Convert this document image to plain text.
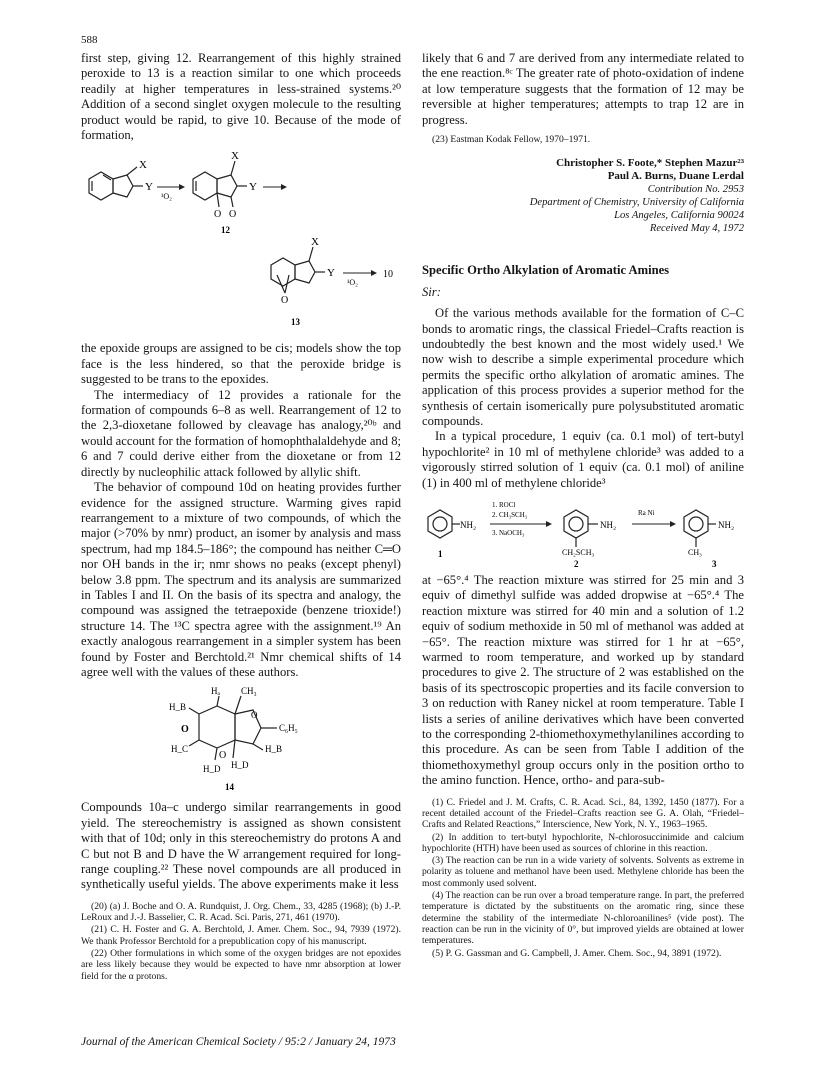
588

first step, giving 12. Rearrangement of this highly strained peroxide to 13 is a reaction similar to one which proceeds readily at higher temperatures in less-strained systems.²⁰ Addition of a second singlet oxygen molecule to the resulting product would be rapid, to give 10. Because of the mode of formation,

X
Y
¹O₂
X
Y
O O
12
X
Y
O
¹O₂
10
13

the epoxide groups are assigned to be cis; models show the top face is the less hindered, so that the peroxide bridge is suggested to be trans to the epoxides.

The intermediacy of 12 provides a rationale for the formation of compounds 6–8 as well. Rearrangement of 12 to the 2,3-dioxetane followed by cleavage has analogy,²⁰ᵇ and would account for the formation of homophthalaldehyde and 8; 6 and 7 could derive either from the dioxetane or from 12 directly by nucleophilic attack followed by allylic shift.

The behavior of compound 10d on heating provides further evidence for the assigned structure. Warming gives rapid rearrangement to a mixture of two compounds, of which the major (>70% by nmr) product, an isomer by analysis and mass spectrum, had mp 184.5–186°; the compound has neither C═O nor OH bands in the ir; nmr shows no peaks (except phenyl) below 3.8 ppm. The spectrum and its analysis are summarized in Tables I and II. On the basis of its spectra and analogy, the compound was assigned the tetraepoxide (benzene trioxide!) structure 14. The ¹³C spectra agree with the assignment.¹⁹ An exactly analogous rearrangement in a simpler system has been found by Foster and Berchtold.²¹ Nmr chemical shifts of 14 agree well with the values of these authors.

Hₐ CH₃
H_B
O
O
C₆H₅
H_C	H_B
O
H_D H_D
14

Compounds 10a–c undergo similar rearrangements in good yield. The stereochemistry is assigned as shown consistent with that of 10d; only in this stereochemistry do protons A and C but not B and D have the W arrangement required for long-range coupling.²² These novel compounds are all produced in synthetically useful yields. The above experiments make it less

(20) (a) J. Boche and O. A. Rundquist, J. Org. Chem., 33, 4285 (1968); (b) J.-P. LeRoux and J.-J. Basselier, C. R. Acad. Sci. Paris, 271, 461 (1970).

(21) C. H. Foster and G. A. Berchtold, J. Amer. Chem. Soc., 94, 7939 (1972). We thank Professor Berchtold for a prepublication copy of his manuscript.

(22) Other formulations in which some of the oxygen bridges are not epoxides are less likely because they would be expected to have nmr absorption at lower field for the α protons.

likely that 6 and 7 are derived from any intermediate related to the ene reaction.⁸ᶜ The greater rate of photo-oxidation of indene at low temperature suggests that the formation of 12 may be reversible at higher temperatures; attempts to trap 12 are in progress.

(23) Eastman Kodak Fellow, 1970–1971.

Christopher S. Foote,* Stephen Mazur²³
Paul A. Burns, Duane Lerdal
Contribution No. 2953
Department of Chemistry, University of California
Los Angeles, California 90024
Received May 4, 1972
Specific Ortho Alkylation of Aromatic Amines
Sir:

Of the various methods available for the formation of C–C bonds to aromatic rings, the classical Friedel–Crafts reaction is undoubtedly the best known and the most widely used.¹ We now wish to describe a simple experimental procedure which permits the specific ortho alkylation of aromatic amines. The application of this process provides a superior method for the synthesis of certain isomerically pure polysubstituted aromatic compounds.

In a typical procedure, 1 equiv (ca. 0.1 mol) of tert-butyl hypochlorite² in 10 ml of methylene chloride³ was added to a vigorously stirred solution of 1 equiv (ca. 0.1 mol) of aniline (1) in 400 ml of methylene chloride³

NH₂
1
1. ROCl
2. CH₃SCH₃
3. NaOCH₃
NH₂
CH₂SCH₃
2
Ra Ni
NH₂
CH₃
3

at −65°.⁴ The reaction mixture was stirred for 25 min and 3 equiv of dimethyl sulfide was added dropwise at −65°.⁴ The reaction mixture was stirred for 40 min and a solution of 1.2 equiv of sodium methoxide in 50 ml of methanol was added at −65°. The reaction mixture was stirred for 1 hr at −65°, warmed to room temperature, and worked up by standard procedures to give 2. The structure of 2 was established on the basis of its spectroscopic properties and its facile conversion to 3 on reduction with Raney nickel at room temperature. Table I lists a series of aniline derivatives which have been converted to the corresponding 2-thiomethoxymethylanilines according to this procedure. As can be seen from Table I addition of the thiomethoxymethyl group occurs only in the position ortho to the amino function. Hence, ortho- and para-sub-

(1) C. Friedel and J. M. Crafts, C. R. Acad. Sci., 84, 1392, 1450 (1877). For a recent detailed account of the Friedel–Crafts reaction see G. A. Olah, “Friedel–Crafts and Related Reactions,” Interscience, New York, N. Y., 1963–1965.

(2) In addition to tert-butyl hypochlorite, N-chlorosuccinimide and calcium hypochlorite (HTH) have been used as sources of chlorine in this reaction.

(3) The reaction can be run in a wide variety of solvents. Solvents as extreme in polarity as toluene and methanol have been used. Methylene chloride has been the most commonly used solvent.

(4) The reaction can be run over a broad temperature range. In part, the preferred temperature is dictated by the substituents on the aromatic ring, since these determine the stability of the intermediate N-chloroanilines⁵ (vide post). The reaction can be run in the vicinity of 0°, but improved yields are obtained at lower temperatures.

(5) P. G. Gassman and G. Campbell, J. Amer. Chem. Soc., 94, 3891 (1972).

Journal of the American Chemical Society / 95:2 / January 24, 1973
